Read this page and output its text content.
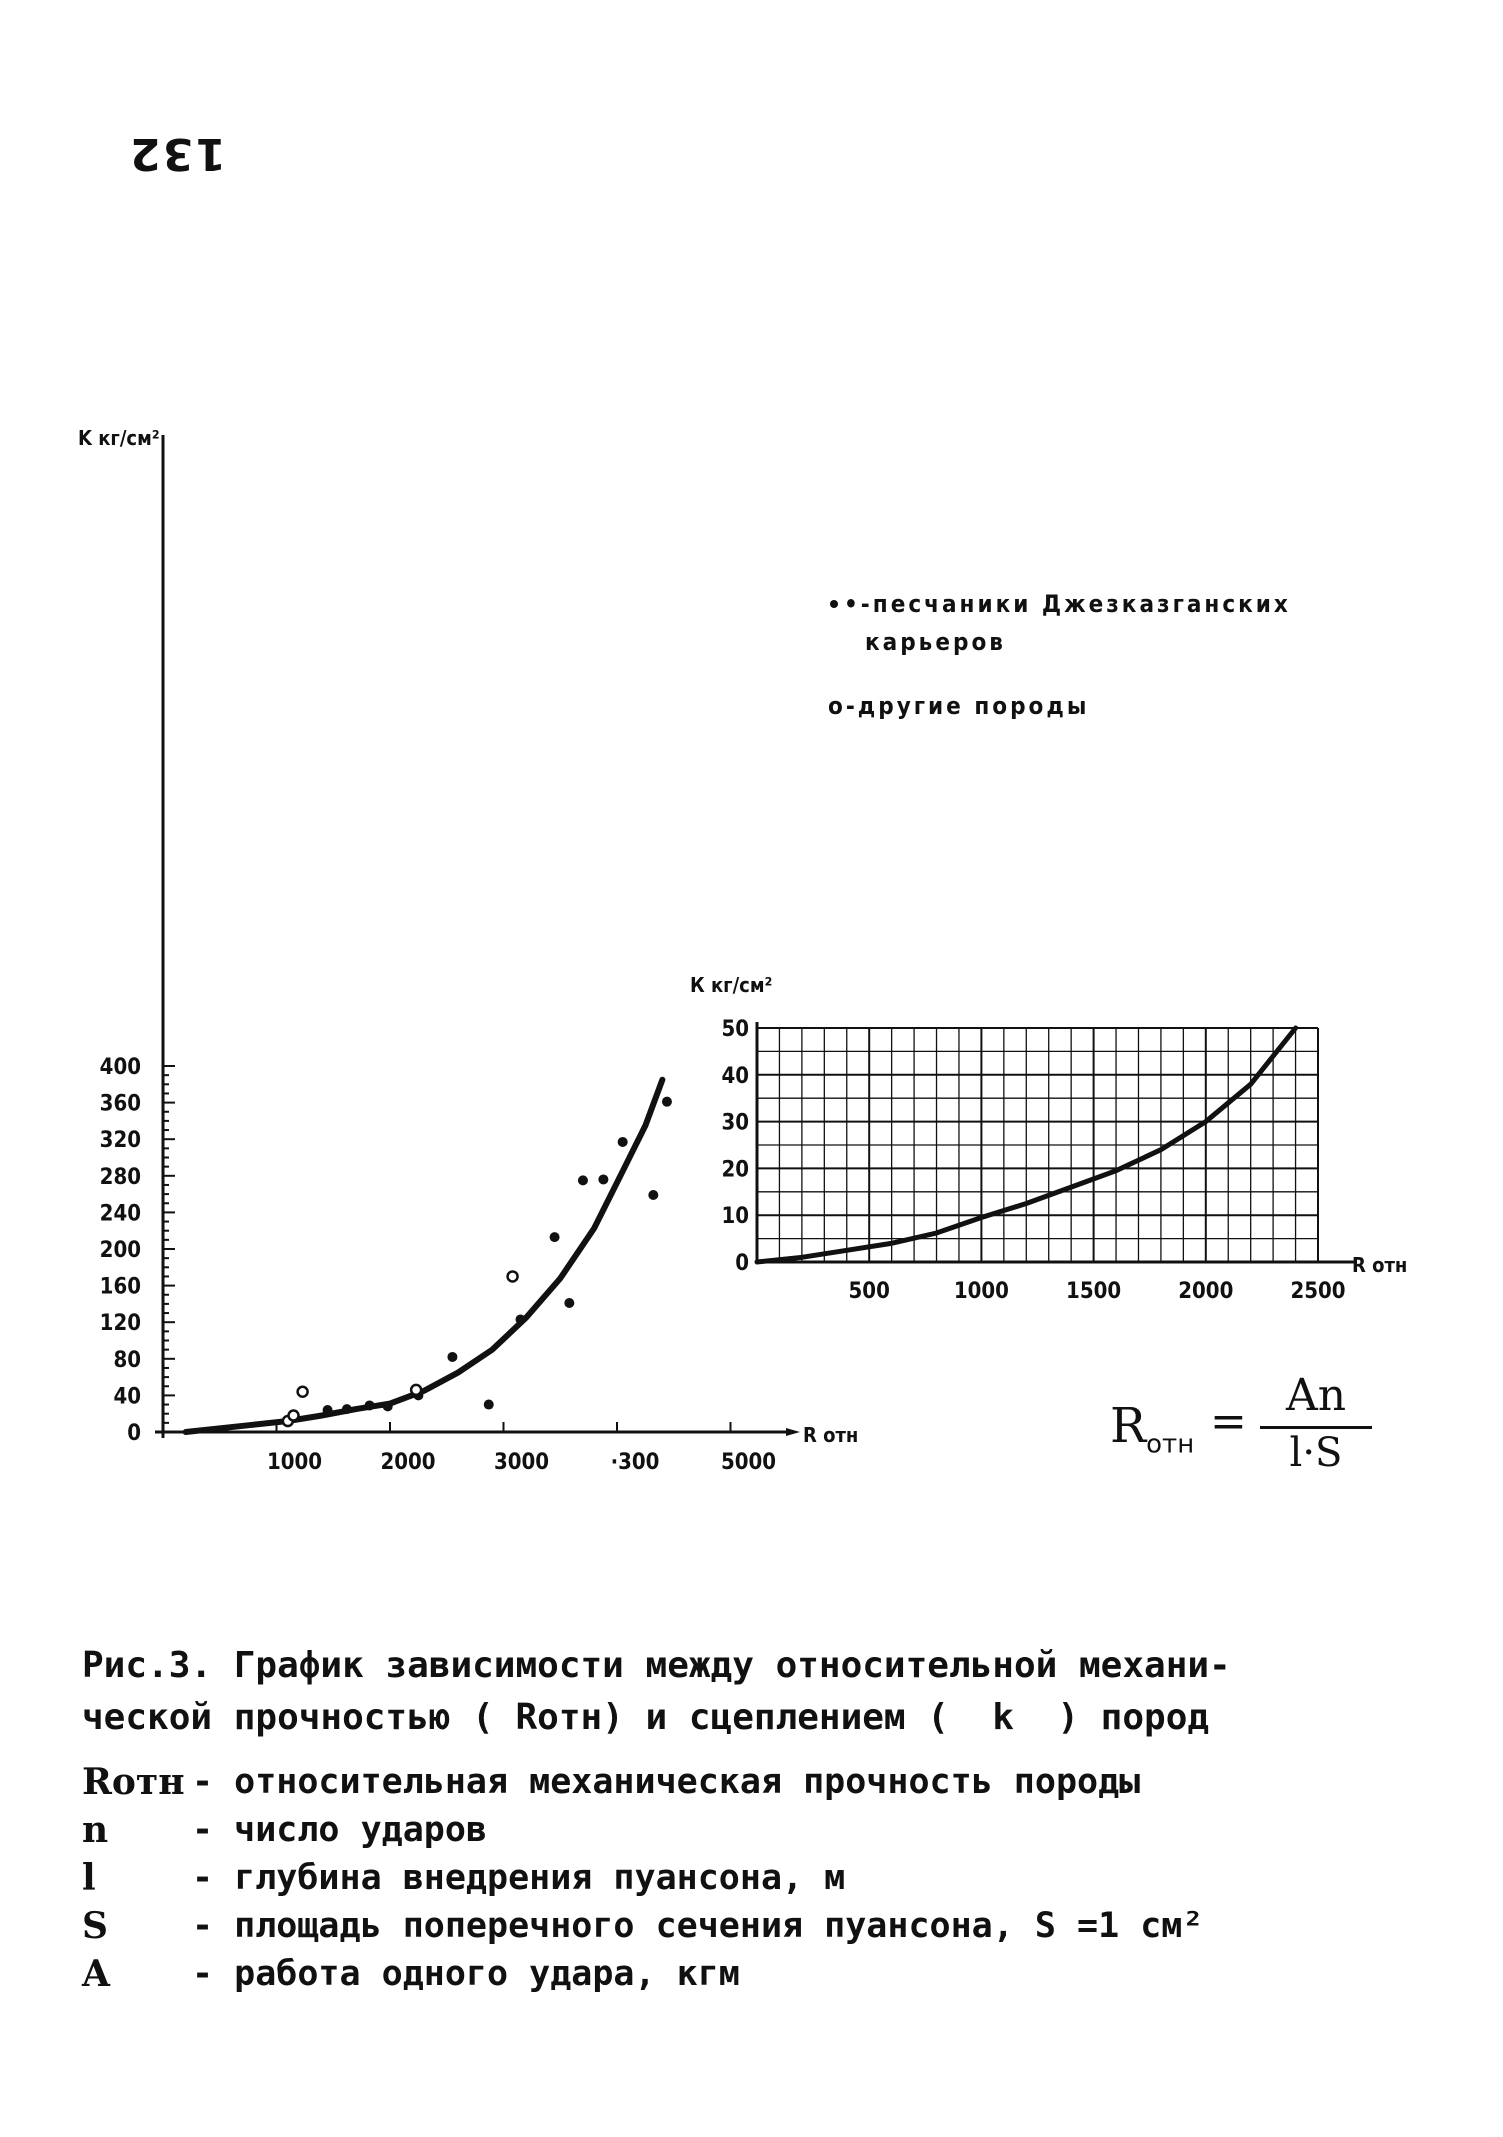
132
0
40
80
120
160
200
240
280
320
360
400
1000	2000	3000	·300	5000
K кг/см²
R отн
•-песчаники Джезказганских
карьеров
o-другие породы
0
10
20
30
40
50
500	1000	1500	2000	2500
К кг/см²
R отн
$R_{отн}$ =
An
l·S
Рис.3. График зависимости между относительной механи-
ческой прочностью ( Rотн) и сцеплением (  k  ) пород
Rотн - относительная механическая прочность породы
n	- число ударов
l	- глубина внедрения пуансона, м
S	- площадь поперечного сечения пуансона, S =1 см²
A	- работа одного удара, кгм
